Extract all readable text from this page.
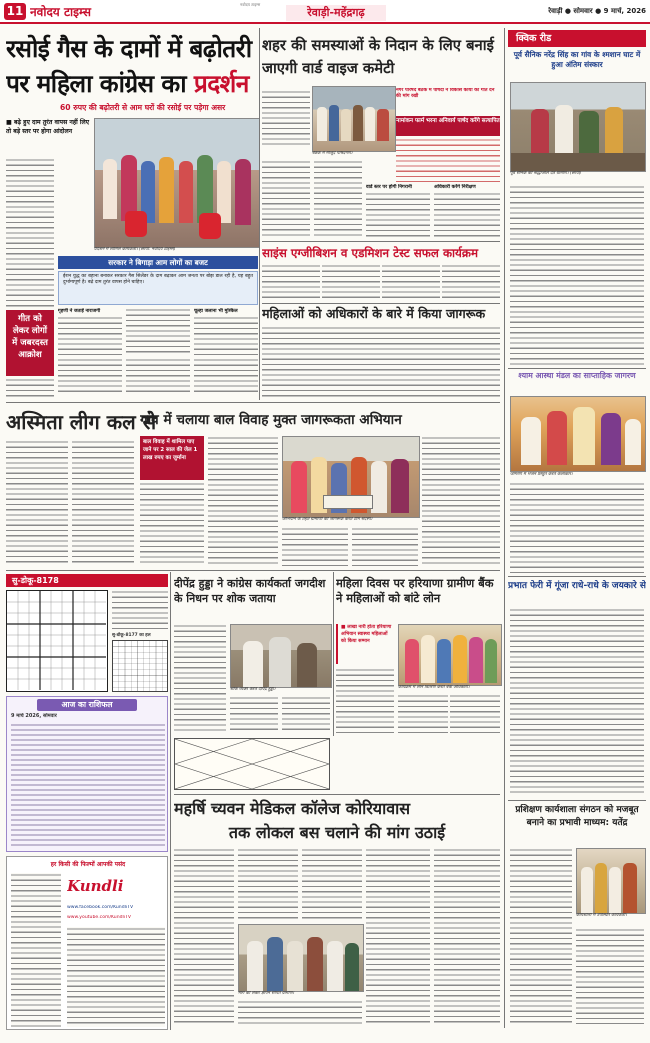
11 नवोदय टाइम्स
नवोदय टाइम्स
रेवाड़ी-महेंद्रगढ़	रेवाड़ी ● सोमवार ● 9 मार्च, 2026
रसोई गैस के दामों में बढ़ोतरी
पर महिला कांग्रेस का प्रदर्शन
60 रुपए की बढ़ोतरी से आम घरों की रसोई पर पड़ेगा असर
■ बढ़े हुए दाम तुरंत वापस नहीं लिए तो बड़े स्तर पर होगा आंदोलन
प्रदर्शन में शामिल कार्यकर्ता। (छाया: नवोदय टाइम्स)
सरकार ने बिगाड़ा आम लोगों का बजट
ईरान युद्ध का बहाना बनाकर सरकार गैस सिलेंडर के दाम बढ़ाकर आम जनता पर बोझ डाल रही है, यह बहुत दुर्भाग्यपूर्ण है। बढ़े दाम तुरंत वापस होने चाहिए।
गृहणी ने जताई नाराजगी	चूल्हा जलाना भी मुश्किल
गीत को लेकर लोगों में जबरदस्त आक्रोश
शहर की समस्याओं के निदान के लिए बनाई जाएगी वार्ड वाइज कमेटी
बैठक में मौजूद पार्षदगण।
नगर परिषद बैठक में पार्षदों ने विकास कार्यों को गति देने की मांग रखी
नामांकन फार्म भरना अनिवार्य पार्षद करेंगे सत्यापित
वार्ड स्तर पर होगी निगरानी	अधिकारी करेंगे निरीक्षण
साइंस एग्जीबिशन व एडमिशन टेस्ट सफल कार्यक्रम
महिलाओं को अधिकारों के बारे में किया जागरूक
क्विक रीड
पूर्व सैनिक नरेंद्र सिंह का गांव के श्मशान घाट में हुआ अंतिम संस्कार
पूर्व सैनिक को श्रद्धांजलि देते ग्रामीण। (छाया)
श्याम आस्था मंडल का साप्ताहिक जागरण
जागरण में भजन प्रस्तुत करते कलाकार।
अस्मिता लीग कल से
गांव में चलाया बाल विवाह मुक्त जागरूकता अभियान
बाल विवाह में शामिल पाए जाने पर 2 साल की जेल 1 लाख रुपए का जुर्माना
अभियान के तहत ग्रामीणों को जागरूक करते टीम सदस्य।
सु-डोकू-8178
सु-डोकू-8177 का हल
दीपेंद्र हुड्डा ने कांग्रेस कार्यकर्ता जगदीश के निधन पर शोक जताया
शोक व्यक्त करते दीपेंद्र हुड्डा।
महिला दिवस पर हरियाणा ग्रामीण बैंक ने महिलाओं को बांटे लोन
■ लाखा नारी होता हरियाणा अभियान स्वास्थ्य महिलाओं को किया सम्मान
कार्यक्रम में लोन वितरण करते बैंक अधिकारी।
आज का राशिफल
9 मार्च 2026, सोमवार
हर किसी की फिल्मों आपकी पसंद
Kundli
www.facebook.com/KundliTV
www.youtube.com/KundliTV
महर्षि च्यवन मेडिकल कॉलेज कोरियावास
तक लोकल बस चलाने की मांग उठाई
मांग को लेकर ज्ञापन सौंपते ग्रामीण।
प्रभात फेरी में गूंजा राधे-राधे के जयकारे से
प्रशिक्षण कार्यशाला संगठन को मजबूत बनाने का प्रभावी माध्यम: यतेंद्र
कार्यशाला में उपस्थित कार्यकर्ता।
